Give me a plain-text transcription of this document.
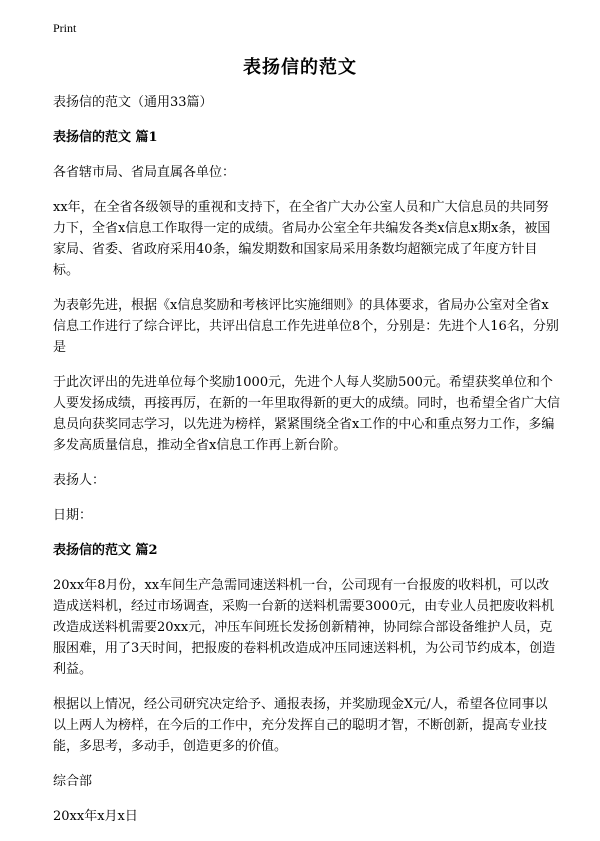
Print
表扬信的范文

表扬信的范文（通用33篇）

表扬信的范文 篇1

各省辖市局、省局直属各单位：

xx年，在全省各级领导的重视和支持下，在全省广大办公室人员和广大信息员的共同努力下，全省x信息工作取得一定的成绩。省局办公室全年共编发各类x信息x期x条，被国家局、省委、省政府采用40条，编发期数和国家局采用条数均超额完成了年度方针目标。

为表彰先进，根据《x信息奖励和考核评比实施细则》的具体要求，省局办公室对全省x信息工作进行了综合评比，共评出信息工作先进单位8个，分别是：先进个人16名，分别是

于此次评出的先进单位每个奖励1000元，先进个人每人奖励500元。希望获奖单位和个人要发扬成绩，再接再厉，在新的一年里取得新的更大的成绩。同时，也希望全省广大信息员向获奖同志学习，以先进为榜样，紧紧围绕全省x工作的中心和重点努力工作，多编多发高质量信息，推动全省x信息工作再上新台阶。

表扬人：

日期：

表扬信的范文 篇2

20xx年8月份，xx车间生产急需同速送料机一台，公司现有一台报废的收料机，可以改造成送料机，经过市场调查，采购一台新的送料机需要3000元，由专业人员把废收料机改造成送料机需要20xx元，冲压车间班长发扬创新精神，协同综合部设备维护人员，克服困难，用了3天时间，把报废的卷料机改造成冲压同速送料机，为公司节约成本，创造利益。

根据以上情况，经公司研究决定给予、通报表扬，并奖励现金X元/人，希望各位同事以以上两人为榜样，在今后的工作中，充分发挥自己的聪明才智，不断创新，提高专业技能，多思考，多动手，创造更多的价值。

综合部

20xx年x月x日
